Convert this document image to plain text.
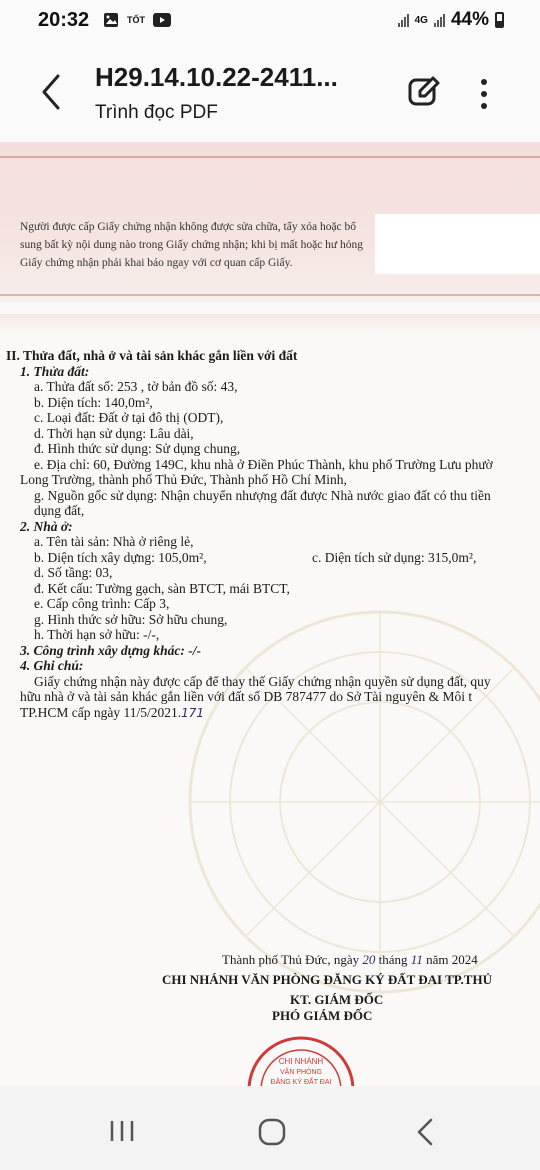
20:32	TỐT	4G 44%
H29.14.10.22-2411...
Trình đọc PDF
Người được cấp Giấy chứng nhận không được sửa chữa, tẩy xóa hoặc bổ sung bất kỳ nội dung nào trong Giấy chứng nhận; khi bị mất hoặc hư hỏng Giấy chứng nhận phải khai báo ngay với cơ quan cấp Giấy.
II. Thửa đất, nhà ở và tài sản khác gắn liền với đất
1. Thửa đất:
a. Thửa đất số: 253 , tờ bản đồ số: 43,
b. Diện tích: 140,0m²,
c. Loại đất: Đất ở tại đô thị (ODT),
d. Thời hạn sử dụng: Lâu dài,
đ. Hình thức sử dụng: Sử dụng chung,
e. Địa chỉ: 60, Đường 149C, khu nhà ở Điền Phúc Thành, khu phố Trường Lưu phườ
Long Trường, thành phố Thủ Đức, Thành phố Hồ Chí Minh,
g. Nguồn gốc sử dụng: Nhận chuyển nhượng đất được Nhà nước giao đất có thu tiền
dụng đất,
2. Nhà ở:
a. Tên tài sản: Nhà ở riêng lẻ,
b. Diện tích xây dựng: 105,0m²,	c. Diện tích sử dụng: 315,0m²,
d. Số tầng: 03,
đ. Kết cấu: Tường gạch, sàn BTCT, mái BTCT,
e. Cấp công trình: Cấp 3,
g. Hình thức sở hữu: Sở hữu chung,
h. Thời hạn sở hữu: -/-,
3. Công trình xây dựng khác: -/-
4. Ghi chú:
Giấy chứng nhận này được cấp để thay thế Giấy chứng nhận quyền sử dụng đất, quy
hữu nhà ở và tài sản khác gắn liền với đất số DB 787477 do Sở Tài nguyên & Môi t
TP.HCM cấp ngày 11/5/2021.171
Thành phố Thủ Đức, ngày 20 tháng 11 năm 2024
CHI NHÁNH VĂN PHÒNG ĐĂNG KÝ ĐẤT ĐAI TP.THỦ
KT. GIÁM ĐỐC
PHÓ GIÁM ĐỐC
CHI NHÁNH
VĂN PHÒNG
ĐĂNG KÝ ĐẤT ĐAI
